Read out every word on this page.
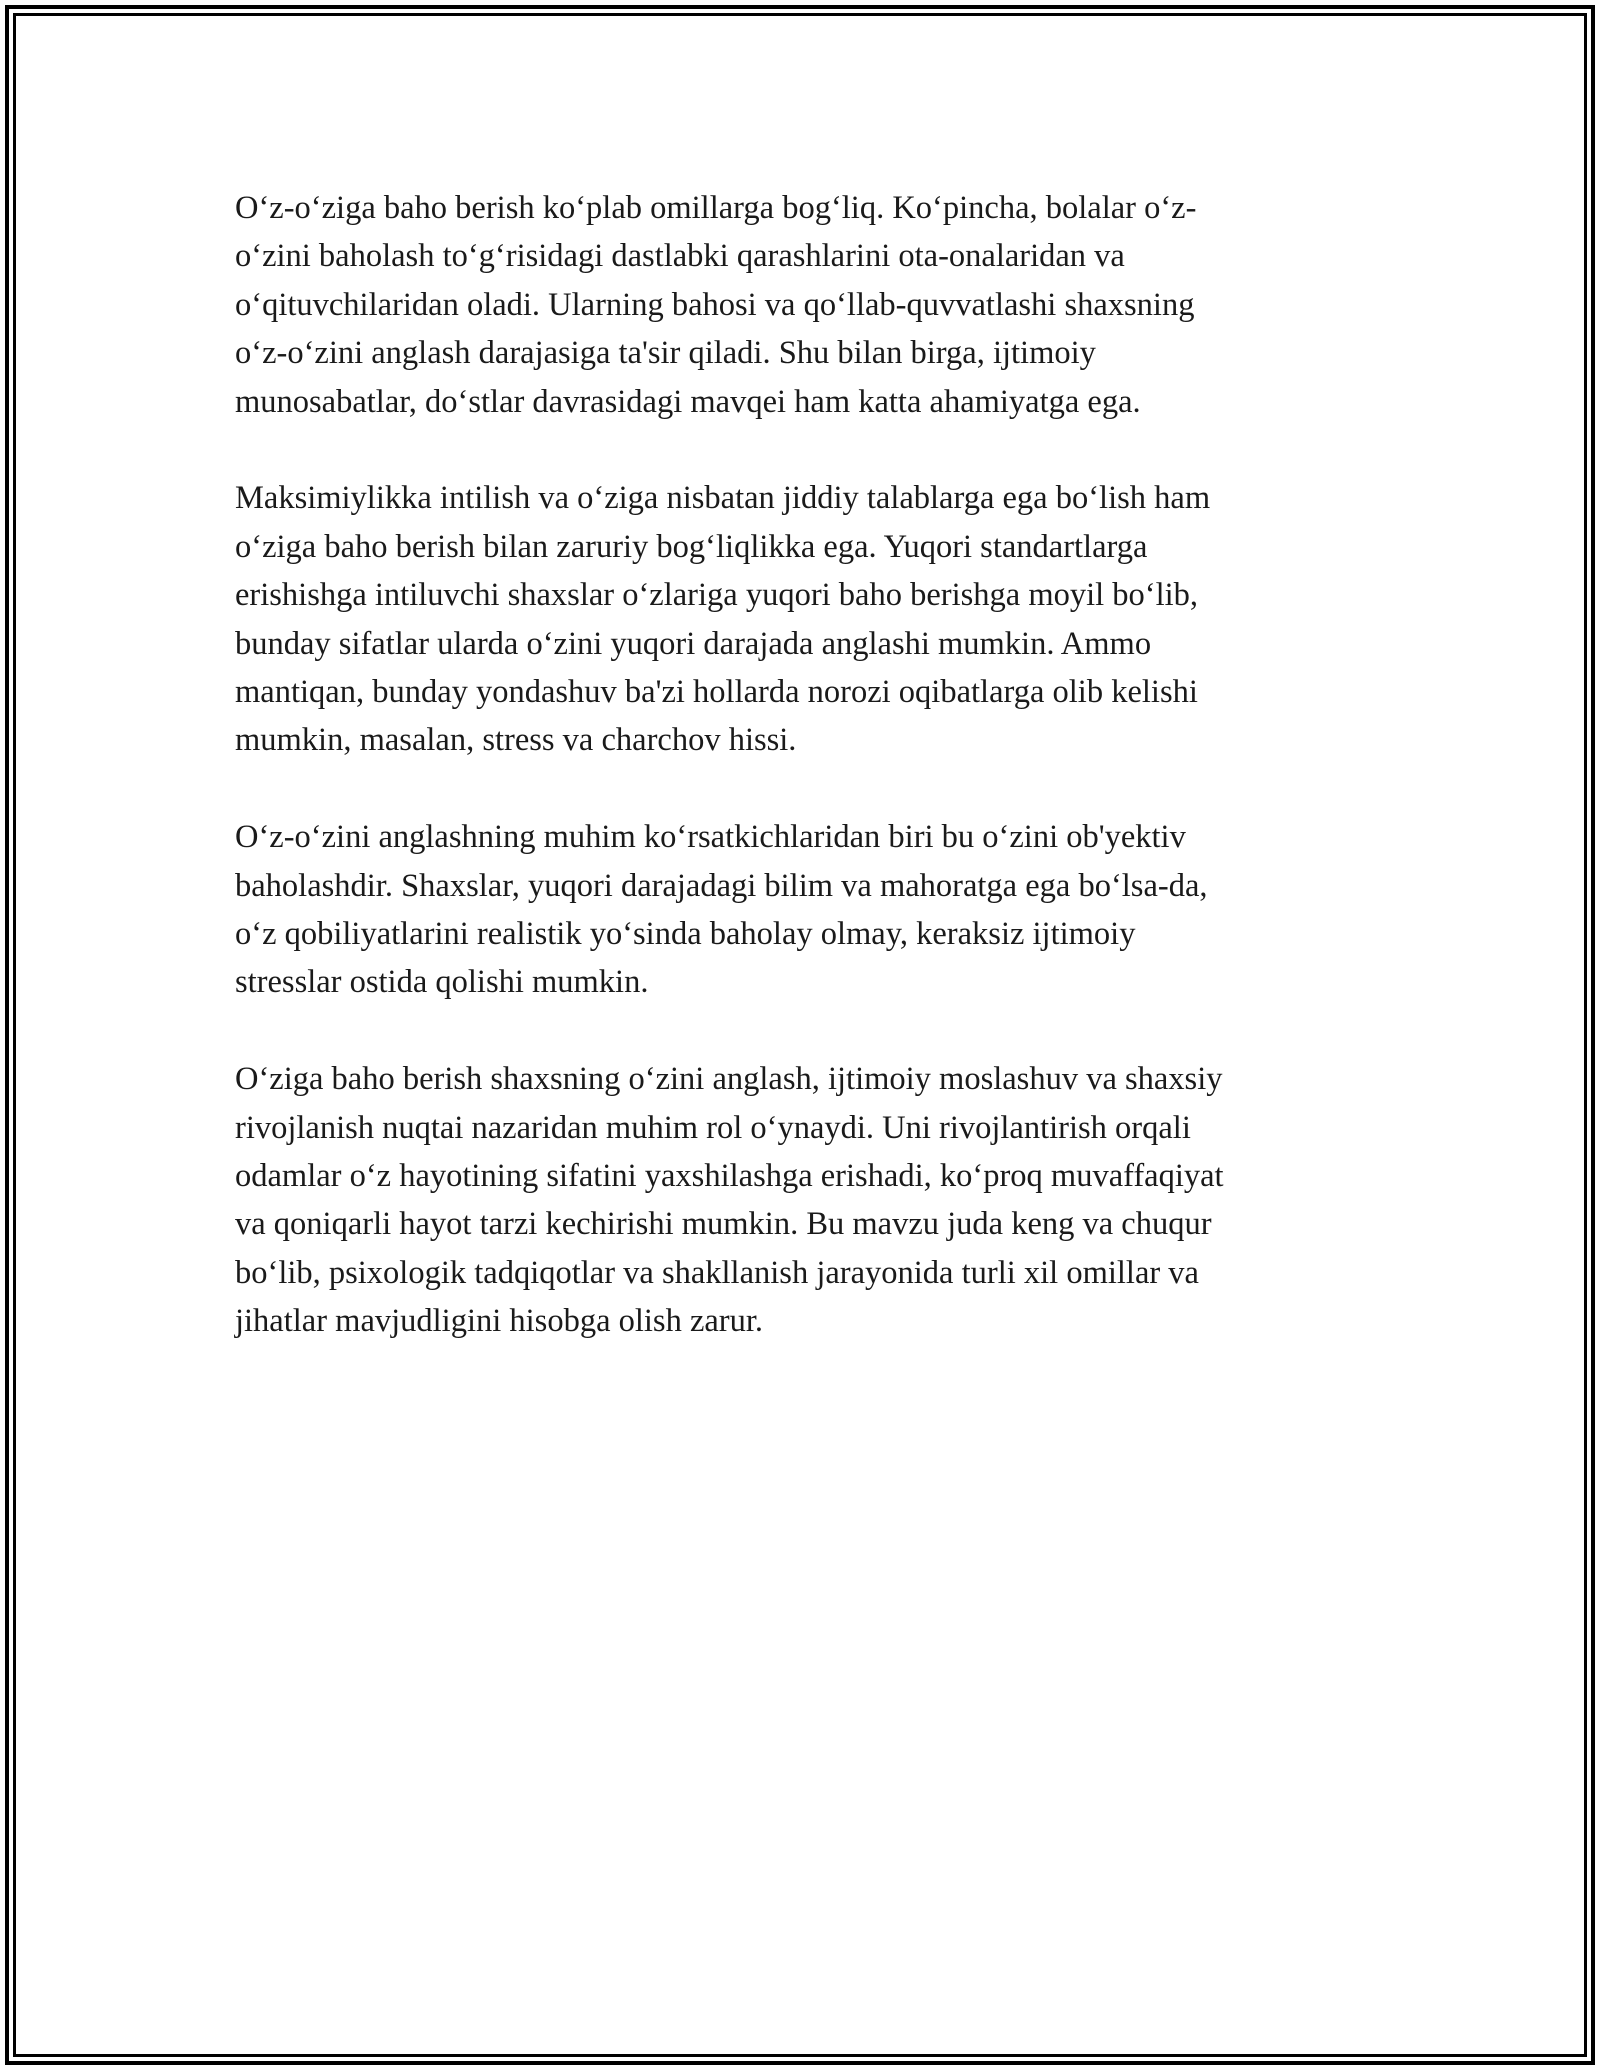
O‘z-o‘ziga baho berish ko‘plab omillarga bog‘liq. Ko‘pincha, bolalar o‘z-
o‘zini baholash to‘g‘risidagi dastlabki qarashlarini ota-onalaridan va
o‘qituvchilaridan oladi. Ularning bahosi va qo‘llab-quvvatlashi shaxsning
o‘z-o‘zini anglash darajasiga ta'sir qiladi. Shu bilan birga, ijtimoiy
munosabatlar, do‘stlar davrasidagi mavqei ham katta ahamiyatga ega.

Maksimiylikka intilish va o‘ziga nisbatan jiddiy talablarga ega bo‘lish ham
o‘ziga baho berish bilan zaruriy bog‘liqlikka ega. Yuqori standartlarga
erishishga intiluvchi shaxslar o‘zlariga yuqori baho berishga moyil bo‘lib,
bunday sifatlar ularda o‘zini yuqori darajada anglashi mumkin. Ammo
mantiqan, bunday yondashuv ba'zi hollarda norozi oqibatlarga olib kelishi
mumkin, masalan, stress va charchov hissi.

O‘z-o‘zini anglashning muhim ko‘rsatkichlaridan biri bu o‘zini ob'yektiv
baholashdir. Shaxslar, yuqori darajadagi bilim va mahoratga ega bo‘lsa-da,
o‘z qobiliyatlarini realistik yo‘sinda baholay olmay, keraksiz ijtimoiy
stresslar ostida qolishi mumkin.

O‘ziga baho berish shaxsning o‘zini anglash, ijtimoiy moslashuv va shaxsiy
rivojlanish nuqtai nazaridan muhim rol o‘ynaydi. Uni rivojlantirish orqali
odamlar o‘z hayotining sifatini yaxshilashga erishadi, ko‘proq muvaffaqiyat
va qoniqarli hayot tarzi kechirishi mumkin. Bu mavzu juda keng va chuqur
bo‘lib, psixologik tadqiqotlar va shakllanish jarayonida turli xil omillar va
jihatlar mavjudligini hisobga olish zarur.
